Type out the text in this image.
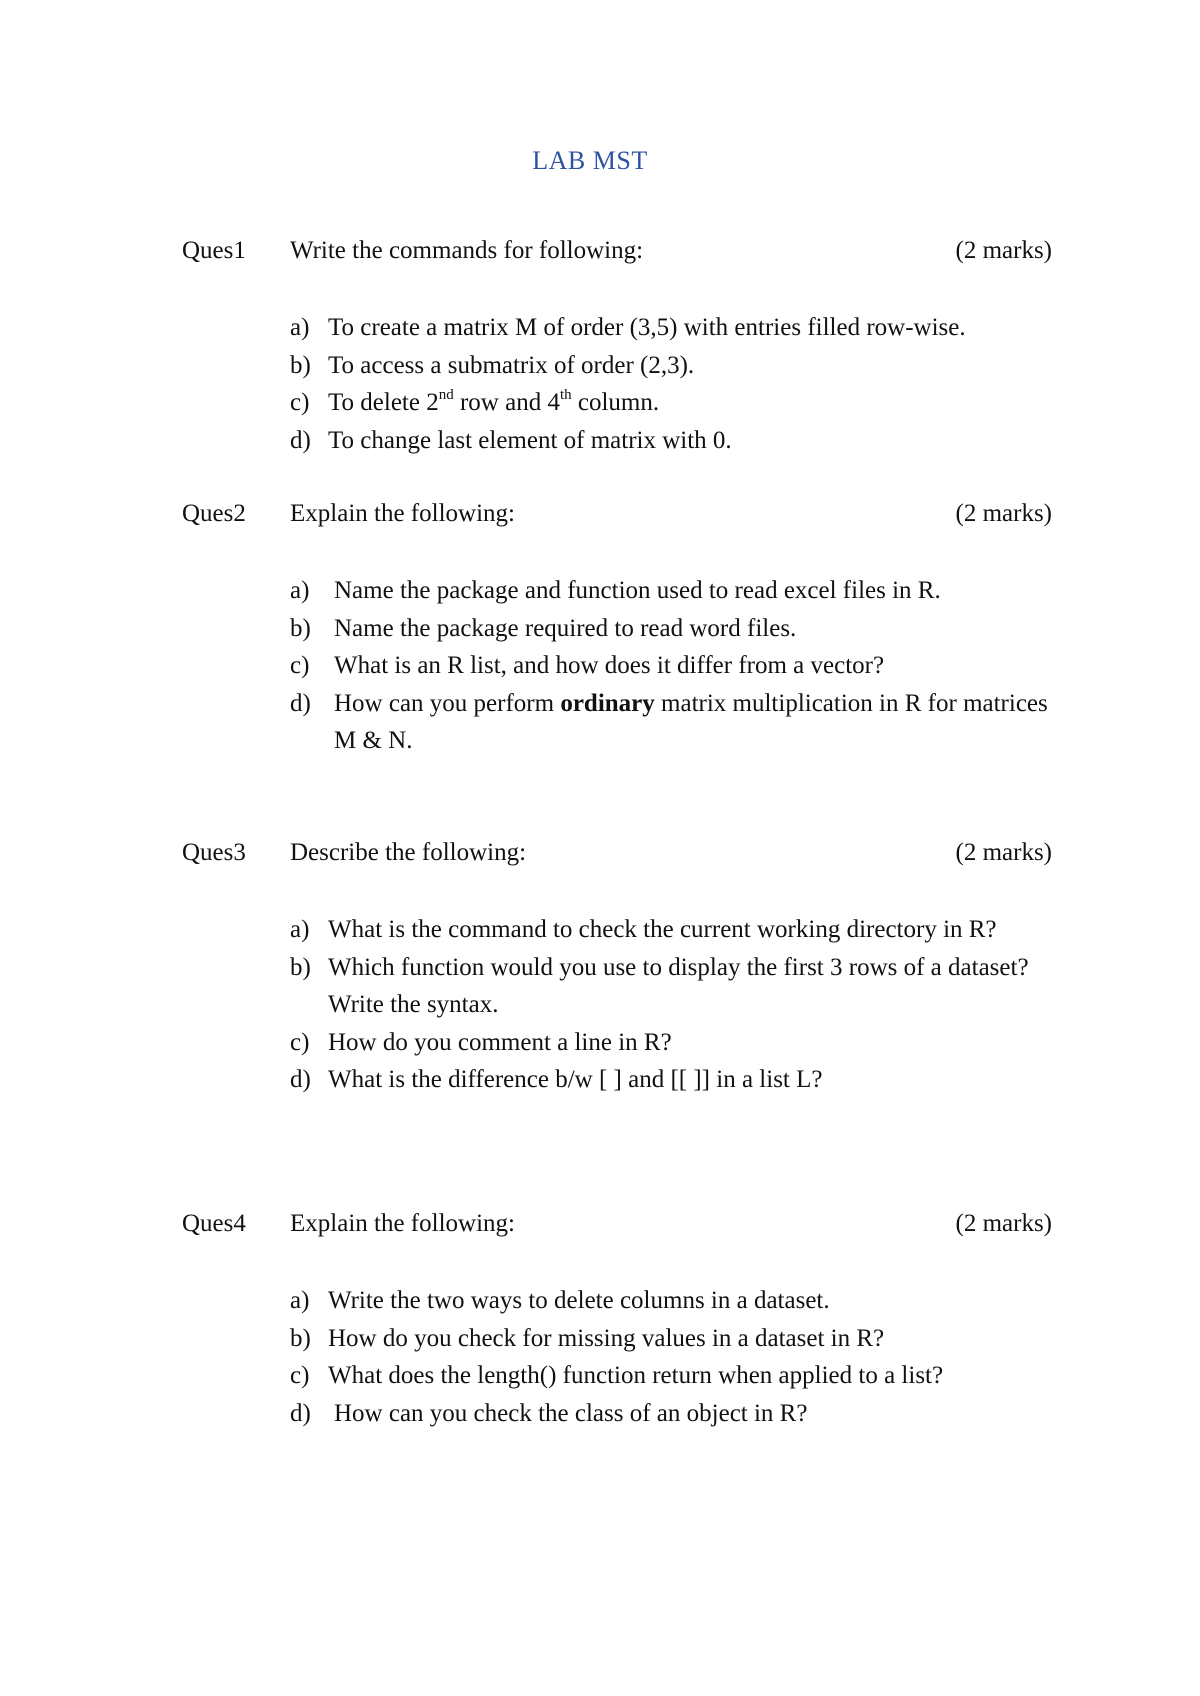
LAB MST
Ques1 Write the commands for following:	(2 marks)
a) To create a matrix M of order (3,5) with entries filled row-wise.
b) To access a submatrix of order (2,3).
c) To delete 2nd row and 4th column.
d) To change last element of matrix with 0.
Ques2 Explain the following:	(2 marks)
a) Name the package and function used to read excel files in R.
b) Name the package required to read word files.
c) What is an R list, and how does it differ from a vector?
d) How can you perform ordinary matrix multiplication in R for matrices M & N.
Ques3 Describe the following:	(2 marks)
a) What is the command to check the current working directory in R?
b) Which function would you use to display the first 3 rows of a dataset? Write the syntax.
c) How do you comment a line in R?
d) What is the difference b/w [ ] and [[ ]] in a list L?
Ques4 Explain the following:	(2 marks)
a) Write the two ways to delete columns in a dataset.
b) How do you check for missing values in a dataset in R?
c) What does the length() function return when applied to a list?
d) How can you check the class of an object in R?
